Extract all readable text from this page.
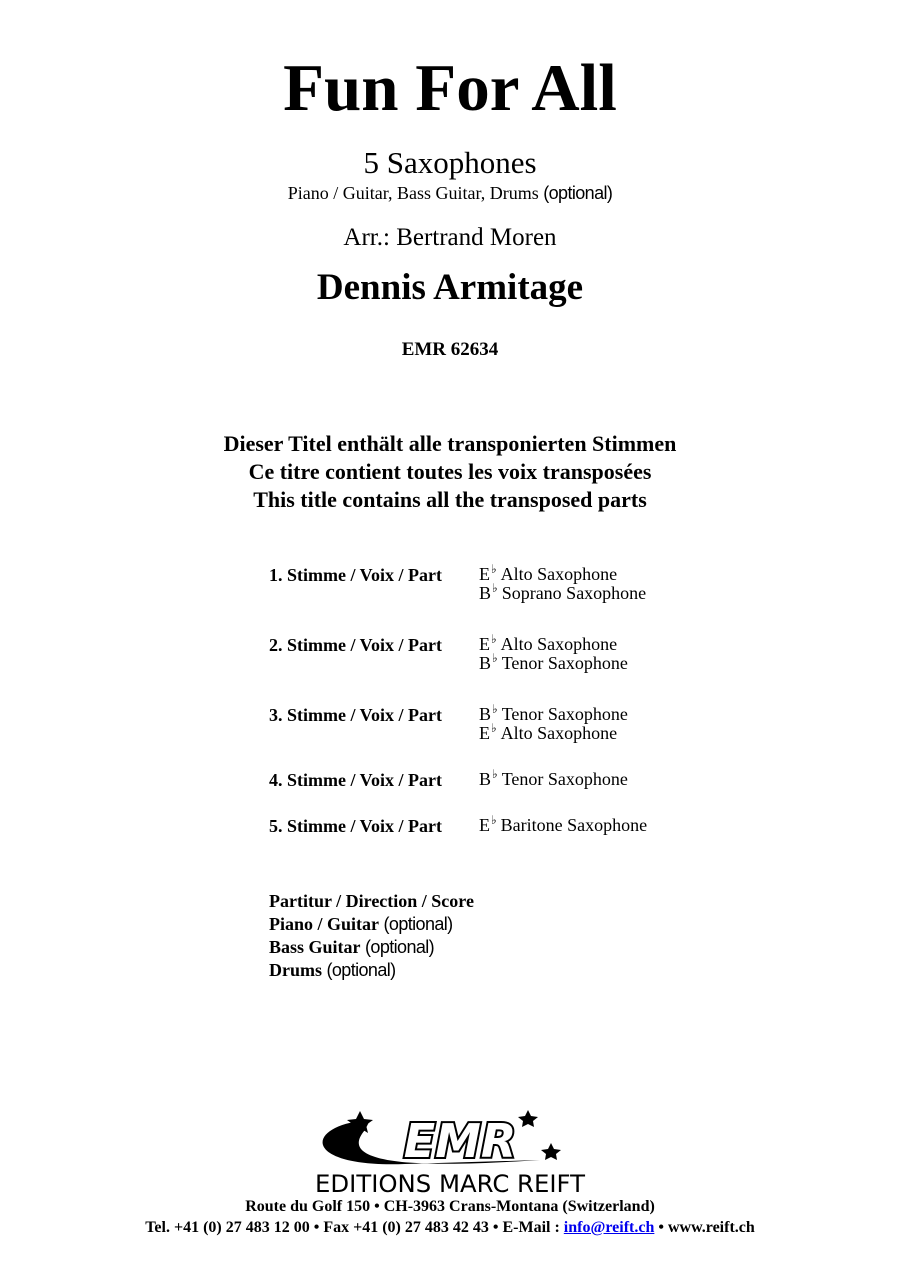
Fun For All
5 Saxophones
Piano / Guitar, Bass Guitar, Drums (optional)
Arr.: Bertrand Moren
Dennis Armitage
EMR 62634
Dieser Titel enthält alle transponierten Stimmen
Ce titre contient toutes les voix transposées
This title contains all the transposed parts
1. Stimme / Voix / Part E♭ Alto Saxophone
B♭ Soprano Saxophone
2. Stimme / Voix / Part E♭ Alto Saxophone
B♭ Tenor Saxophone
3. Stimme / Voix / Part B♭ Tenor Saxophone
E♭ Alto Saxophone
4. Stimme / Voix / Part B♭ Tenor Saxophone
5. Stimme / Voix / Part E♭ Baritone Saxophone
Partitur / Direction / Score
Piano / Guitar (optional)
Bass Guitar (optional)
Drums (optional)
EMR
EDITIONS MARC REIFT
Route du Golf 150 • CH-3963 Crans-Montana (Switzerland)
Tel. +41 (0) 27 483 12 00 • Fax +41 (0) 27 483 42 43 • E-Mail : info@reift.ch • www.reift.ch
